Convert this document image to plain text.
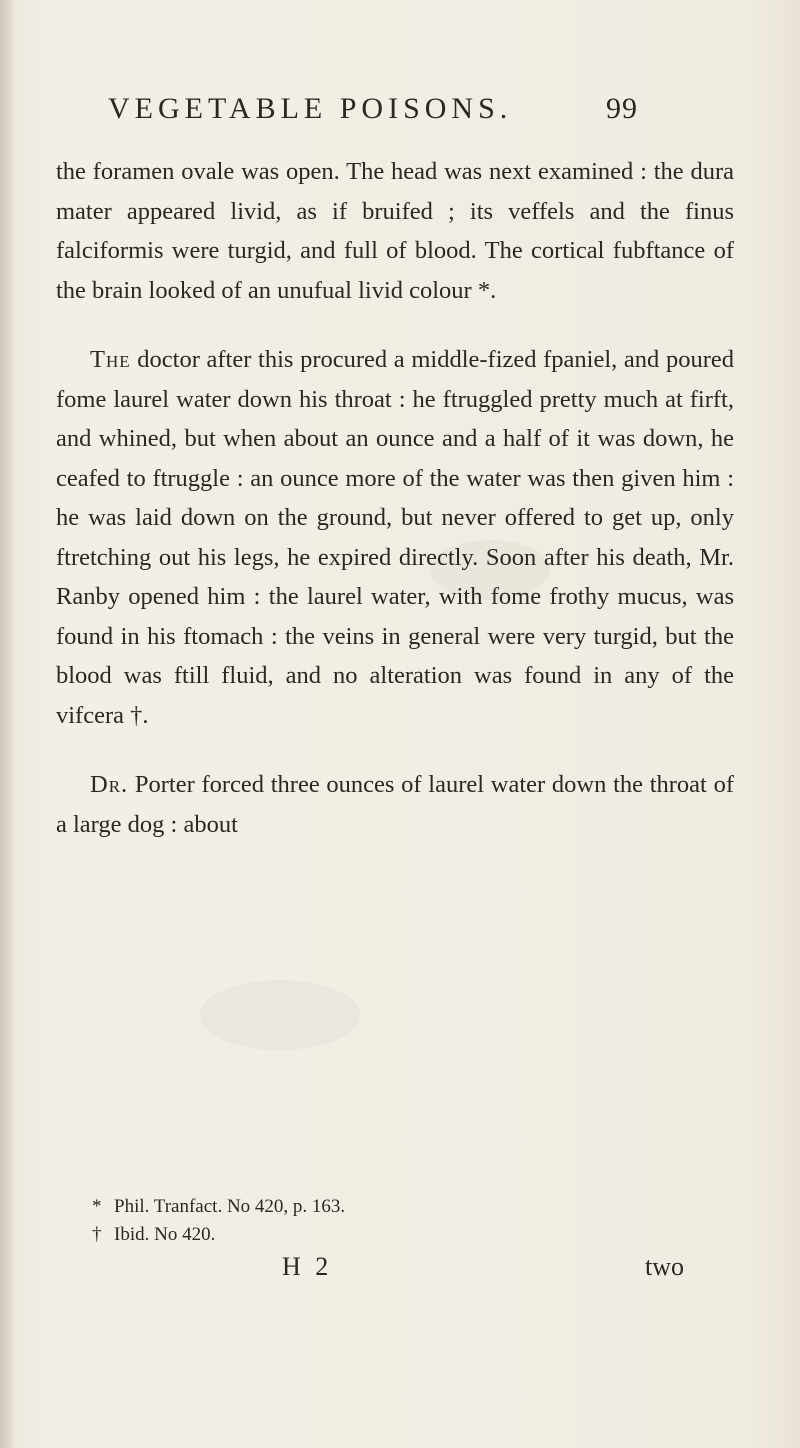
VEGETABLE POISONS.	99

the foramen ovale was open. The head was next examined : the dura mater appeared livid, as if bruifed ; its veffels and the finus falciformis were turgid, and full of blood. The cortical fubftance of the brain looked of an unufual livid colour *.

The doctor after this procured a middle-fized fpaniel, and poured fome laurel water down his throat : he ftruggled pretty much at firft, and whined, but when about an ounce and a half of it was down, he ceafed to ftruggle : an ounce more of the water was then given him : he was laid down on the ground, but never offered to get up, only ftretching out his legs, he expired directly. Soon after his death, Mr. Ranby opened him : the laurel water, with fome frothy mucus, was found in his ftomach : the veins in general were very turgid, but the blood was ftill fluid, and no alteration was found in any of the vifcera †.

Dr. Porter forced three ounces of laurel water down the throat of a large dog : about

* Phil. Tranfact. No 420, p. 163.

† Ibid. No 420.

H 2	two
